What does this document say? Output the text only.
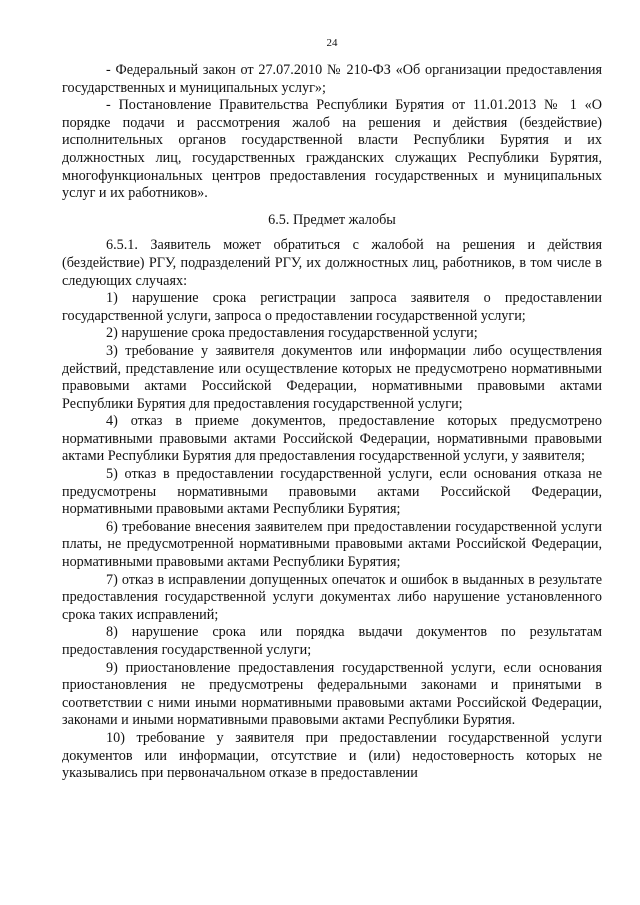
24

- Федеральный закон от 27.07.2010 № 210-ФЗ «Об организации предоставления государственных и муниципальных услуг»;

- Постановление Правительства Республики Бурятия от 11.01.2013 № 1 «О порядке подачи и рассмотрения жалоб на решения и действия (бездействие) исполнительных органов государственной власти Республики Бурятия и их должностных лиц, государственных гражданских служащих Республики Бурятия, многофункциональных центров предоставления государственных и муниципальных услуг и их работников».

6.5. Предмет жалобы

6.5.1. Заявитель может обратиться с жалобой на решения и действия (бездействие) РГУ, подразделений РГУ, их должностных лиц, работников, в том числе в следующих случаях:

1) нарушение срока регистрации запроса заявителя о предоставлении государственной услуги, запроса о предоставлении государственной услуги;

2) нарушение срока предоставления государственной услуги;

3) требование у заявителя документов или информации либо осуществления действий, представление или осуществление которых не предусмотрено нормативными правовыми актами Российской Федерации, нормативными правовыми актами Республики Бурятия для предоставления государственной услуги;

4) отказ в приеме документов, предоставление которых предусмотрено нормативными правовыми актами Российской Федерации, нормативными правовыми актами Республики Бурятия для предоставления государственной услуги, у заявителя;

5) отказ в предоставлении государственной услуги, если основания отказа не предусмотрены нормативными правовыми актами Российской Федерации, нормативными правовыми актами Республики Бурятия;

6) требование внесения заявителем при предоставлении государственной услуги платы, не предусмотренной нормативными правовыми актами Российской Федерации, нормативными правовыми актами Республики Бурятия;

7) отказ в исправлении допущенных опечаток и ошибок в выданных в результате предоставления государственной услуги документах либо нарушение установленного срока таких исправлений;

8) нарушение срока или порядка выдачи документов по результатам предоставления государственной услуги;

9) приостановление предоставления государственной услуги, если основания приостановления не предусмотрены федеральными законами и принятыми в соответствии с ними иными нормативными правовыми актами Российской Федерации, законами и иными нормативными правовыми актами Республики Бурятия.

10) требование у заявителя при предоставлении государственной услуги документов или информации, отсутствие и (или) недостоверность которых не указывались при первоначальном отказе в предоставлении
